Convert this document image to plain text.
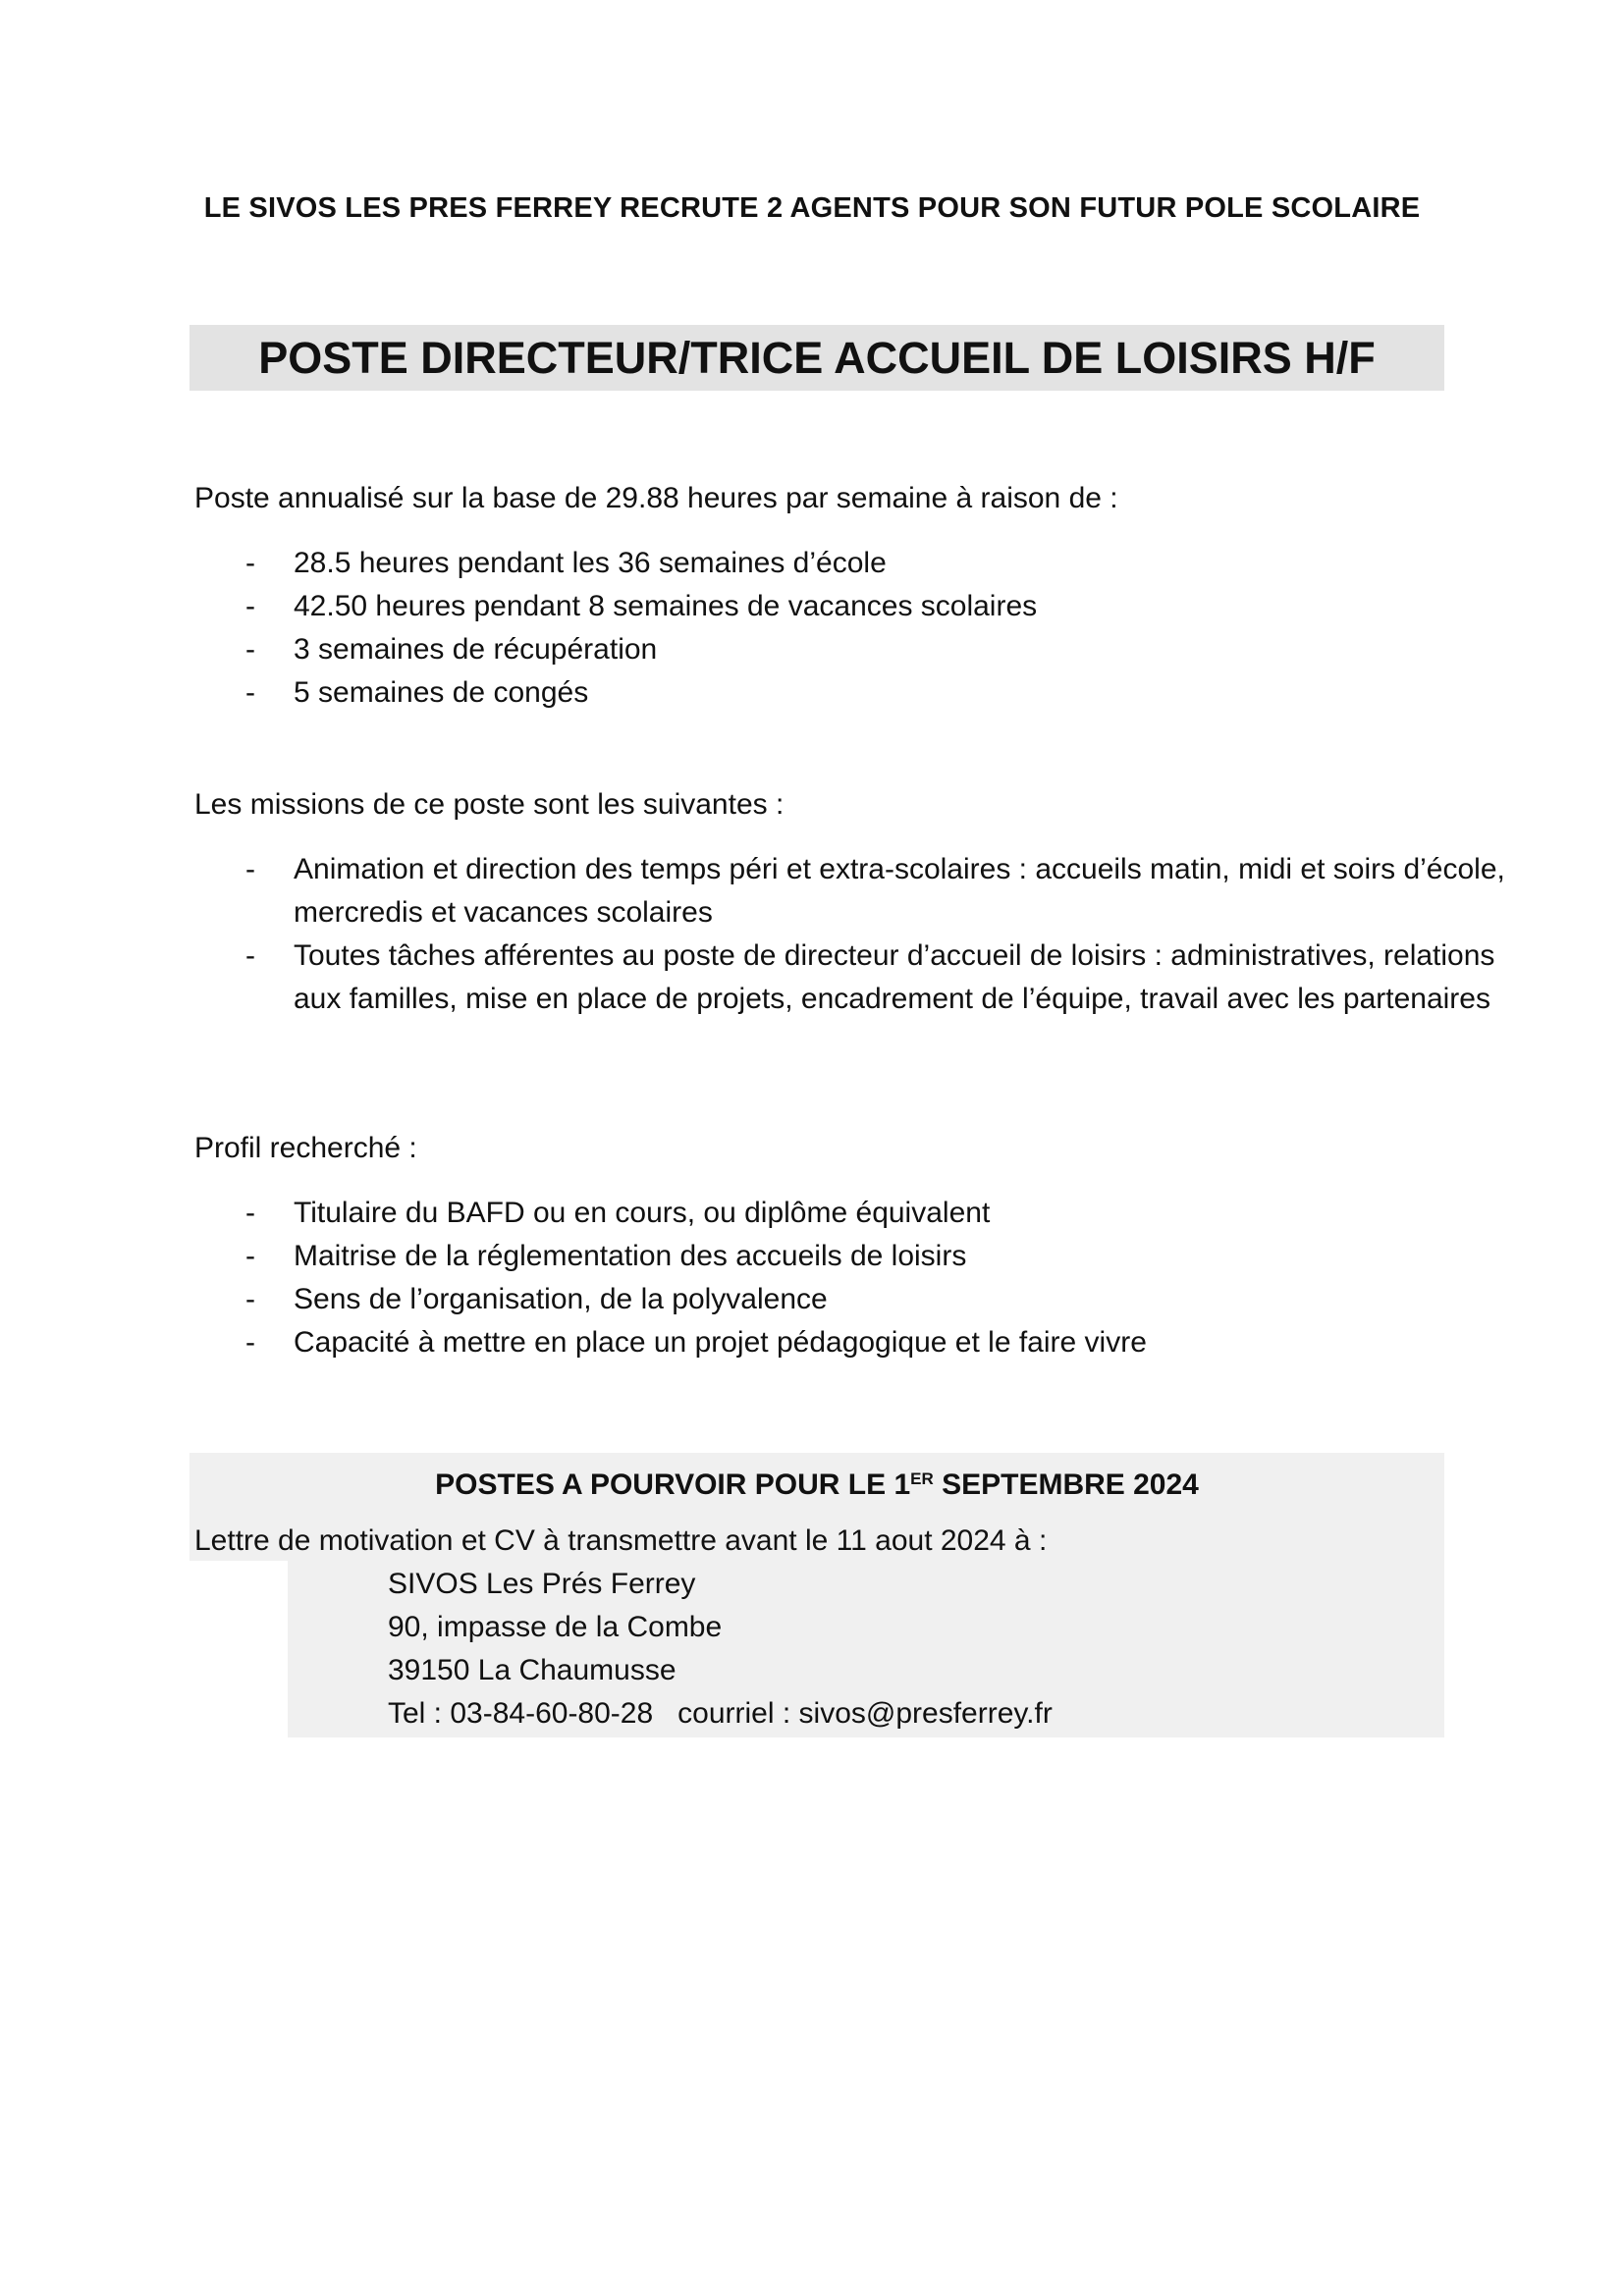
LE SIVOS LES PRES FERREY RECRUTE 2 AGENTS POUR SON FUTUR POLE SCOLAIRE
POSTE DIRECTEUR/TRICE ACCUEIL DE LOISIRS H/F

Poste annualisé sur la base de 29.88 heures par semaine à raison de :

- 28.5 heures pendant les 36 semaines d’école
- 42.50 heures pendant 8 semaines de vacances scolaires
- 3 semaines de récupération
- 5 semaines de congés

Les missions de ce poste sont les suivantes :

- Animation et direction des temps péri et extra-scolaires : accueils matin, midi et soirs d’école, mercredis et vacances scolaires
- Toutes tâches afférentes au poste de directeur d’accueil de loisirs : administratives, relations aux familles, mise en place de projets, encadrement de l’équipe, travail avec les partenaires

Profil recherché :

- Titulaire du BAFD ou en cours, ou diplôme équivalent
- Maitrise de la réglementation des accueils de loisirs
- Sens de l’organisation, de la polyvalence
- Capacité à mettre en place un projet pédagogique et le faire vivre
POSTES A POURVOIR POUR LE 1ER SEPTEMBRE 2024

Lettre de motivation et CV à transmettre avant le 11 aout 2024 à :

SIVOS Les Prés Ferrey
90, impasse de la Combe
39150 La Chaumusse
Tel : 03-84-60-80-28   courriel : sivos@presferrey.fr
